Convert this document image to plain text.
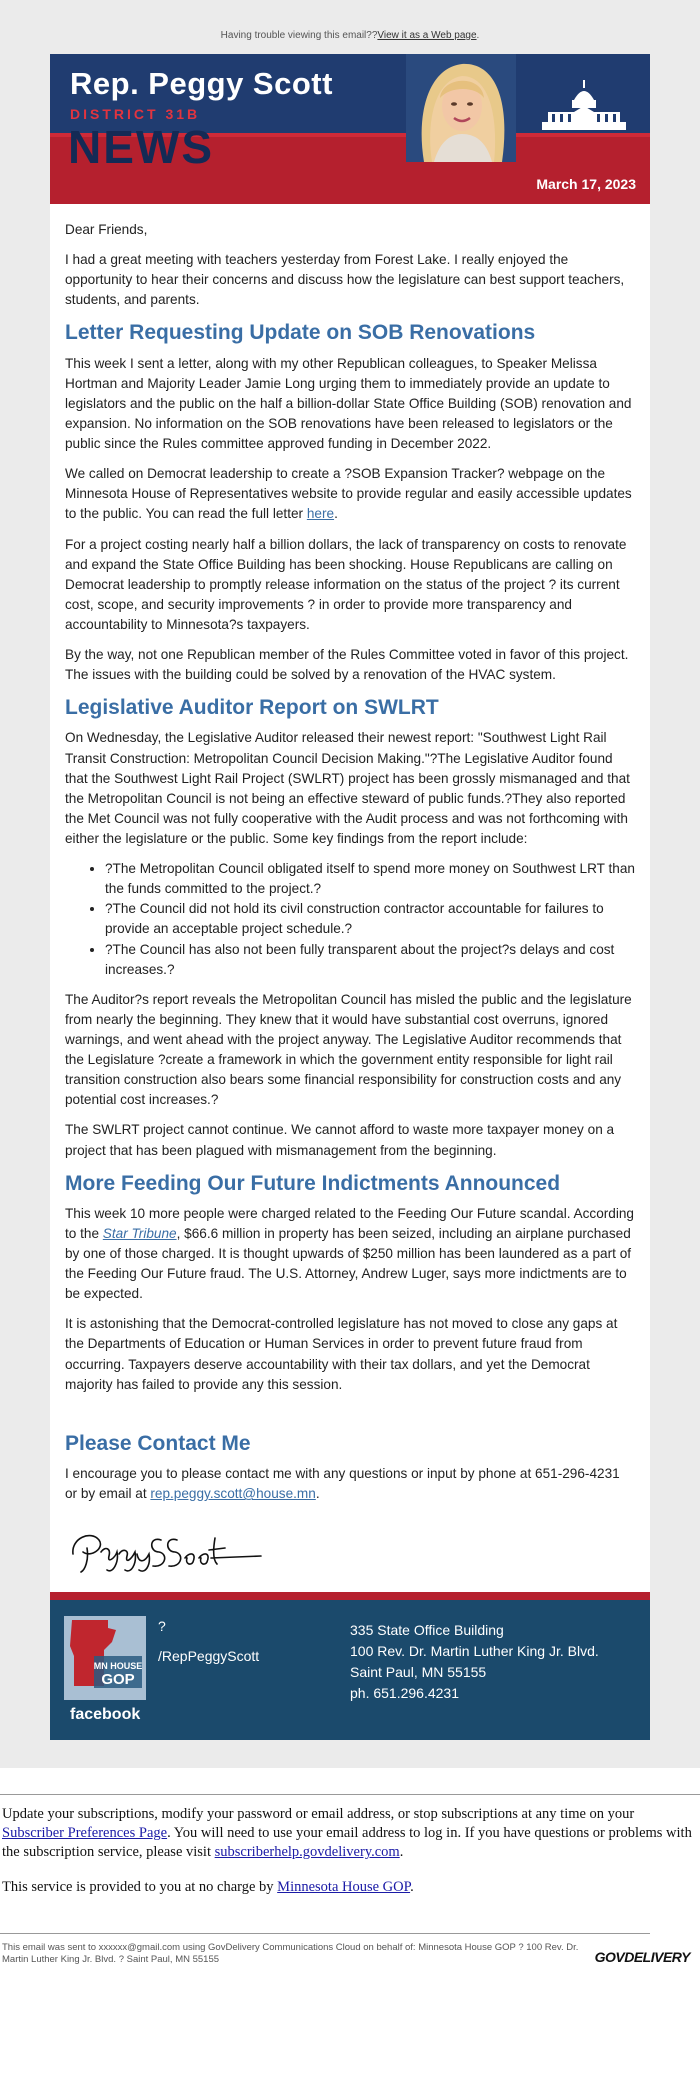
Having trouble viewing this email??View it as a Web page.
Rep. Peggy Scott
DISTRICT 31B
NEWS
March 17, 2023

Dear Friends,

I had a great meeting with teachers yesterday from Forest Lake. I really enjoyed the opportunity to hear their concerns and discuss how the legislature can best support teachers, students, and parents.

Letter Requesting Update on SOB Renovations

This week I sent a letter, along with my other Republican colleagues, to Speaker Melissa Hortman and Majority Leader Jamie Long urging them to immediately provide an update to legislators and the public on the half a billion-dollar State Office Building (SOB) renovation and expansion. No information on the SOB renovations have been released to legislators or the public since the Rules committee approved funding in December 2022.

We called on Democrat leadership to create a ?SOB Expansion Tracker? webpage on the Minnesota House of Representatives website to provide regular and easily accessible updates to the public. You can read the full letter here.

For a project costing nearly half a billion dollars, the lack of transparency on costs to renovate and expand the State Office Building has been shocking. House Republicans are calling on Democrat leadership to promptly release information on the status of the project ? its current cost, scope, and security improvements ? in order to provide more transparency and accountability to Minnesota?s taxpayers.

By the way, not one Republican member of the Rules Committee voted in favor of this project. The issues with the building could be solved by a renovation of the HVAC system.

Legislative Auditor Report on SWLRT

On Wednesday, the Legislative Auditor released their newest report: "Southwest Light Rail Transit Construction: Metropolitan Council Decision Making."?The Legislative Auditor found that the Southwest Light Rail Project (SWLRT) project has been grossly mismanaged and that the Metropolitan Council is not being an effective steward of public funds.?They also reported the Met Council was not fully cooperative with the Audit process and was not forthcoming with either the legislature or the public. Some key findings from the report include:

• ?The Metropolitan Council obligated itself to spend more money on Southwest LRT than the funds committed to the project.?
• ?The Council did not hold its civil construction contractor accountable for failures to provide an acceptable project schedule.?
• ?The Council has also not been fully transparent about the project?s delays and cost increases.?

The Auditor?s report reveals the Metropolitan Council has misled the public and the legislature from nearly the beginning. They knew that it would have substantial cost overruns, ignored warnings, and went ahead with the project anyway. The Legislative Auditor recommends that the Legislature ?create a framework in which the government entity responsible for light rail transition construction also bears some financial responsibility for construction costs and any potential cost increases.?

The SWLRT project cannot continue. We cannot afford to waste more taxpayer money on a project that has been plagued with mismanagement from the beginning.

More Feeding Our Future Indictments Announced

This week 10 more people were charged related to the Feeding Our Future scandal. According to the Star Tribune, $66.6 million in property has been seized, including an airplane purchased by one of those charged. It is thought upwards of $250 million has been laundered as a part of the Feeding Our Future fraud. The U.S. Attorney, Andrew Luger, says more indictments are to be expected.

It is astonishing that the Democrat-controlled legislature has not moved to close any gaps at the Departments of Education or Human Services in order to prevent future fraud from occurring. Taxpayers deserve accountability with their tax dollars, and yet the Democrat majority has failed to provide any this session.

Please Contact Me

I encourage you to please contact me with any questions or input by phone at 651-296-4231 or by email at rep.peggy.scott@house.mn.

MN HOUSE
GOP
facebook
?
/RepPeggyScott
335 State Office Building
100 Rev. Dr. Martin Luther King Jr. Blvd.
Saint Paul, MN 55155
ph. 651.296.4231

Update your subscriptions, modify your password or email address, or stop subscriptions at any time on your Subscriber Preferences Page. You will need to use your email address to log in. If you have questions or problems with the subscription service, please visit subscriberhelp.govdelivery.com.

This service is provided to you at no charge by Minnesota House GOP.

This email was sent to xxxxxx@gmail.com using GovDelivery Communications Cloud on behalf of: Minnesota House GOP ? 100 Rev. Dr. Martin Luther King Jr. Blvd. ? Saint Paul, MN 55155	GOVDELIVERY
